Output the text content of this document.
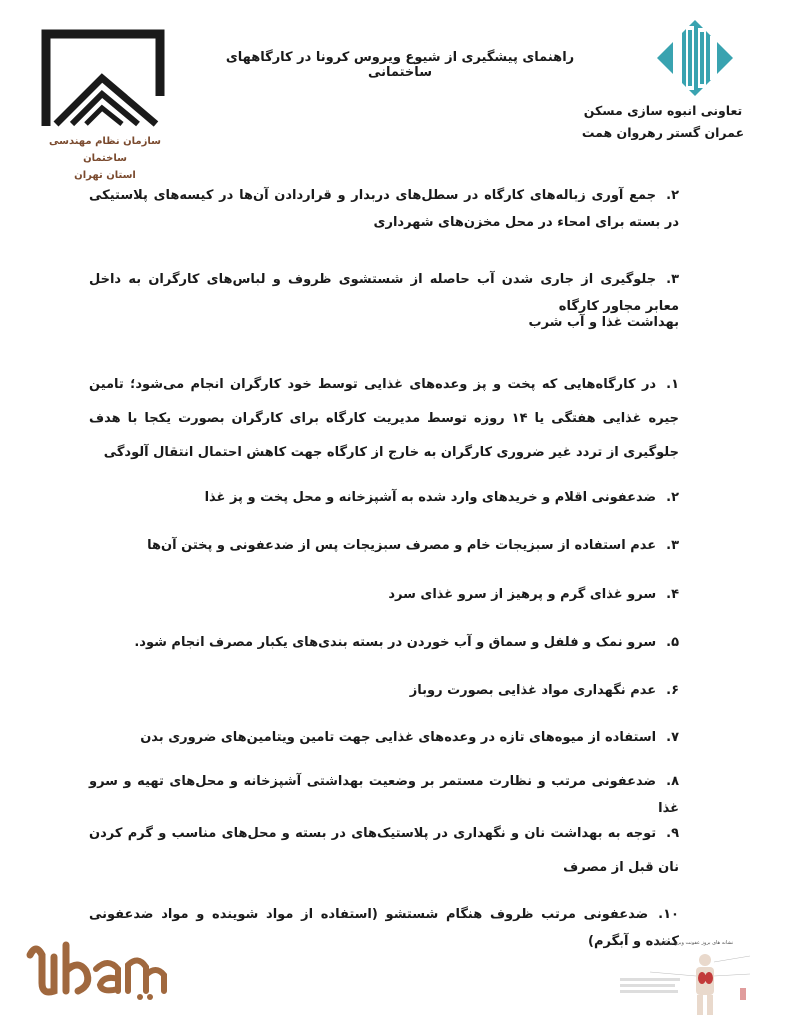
سازمان نظام مهندسی ساختمان
استان تهران
راهنمای پیشگیری از شیوع ویروس کرونا در کارگاههای ساختمانی
تعاونی انبوه سازی مسکن
عمران گستر رهروان همت
۲.جمع آوری زباله‌های کارگاه در سطل‌های دربدار و قراردادن آن‌ها در کیسه‌های پلاستیکی در بسته برای امحاء در محل مخزن‌های شهرداری
۳.جلوگیری از جاری شدن آب حاصله از شستشوی ظروف و لباس‌های کارگران به داخل معابر مجاور کارگاه
بهداشت غذا و آب شرب
۱.در کارگاه‌هایی که پخت و پز وعده‌های غذایی توسط خود کارگران انجام می‌شود؛ تامین جیره غذایی هفتگی یا ۱۴ روزه توسط مدیریت کارگاه برای کارگران بصورت یکجا با هدف جلوگیری از تردد غیر ضروری کارگران به خارج از کارگاه جهت کاهش احتمال انتقال آلودگی
۲.ضدعفونی اقلام و خریدهای وارد شده به آشپزخانه و محل پخت و پز غذا
۳.عدم استفاده از سبزیجات خام و مصرف سبزیجات پس از ضدعفونی و پختن آن‌ها
۴.سرو غذای گرم و پرهیز از سرو غذای سرد
۵.سرو نمک و فلفل و سماق و آب خوردن در بسته بندی‌های یکبار مصرف انجام شود.
۶.عدم نگهداری مواد غذایی بصورت روباز
۷.استفاده از میوه‌های تازه در وعده‌های غذایی جهت تامین ویتامین‌های ضروری بدن
۸.ضدعفونی مرتب و نظارت مستمر بر وضعیت بهداشتی آشپزخانه و محل‌های تهیه و سرو غذا
۹.توجه به بهداشت نان و نگهداری در پلاستیک‌های در بسته و محل‌های مناسب و گرم کردن نان قبل از مصرف
۱۰.ضدعفونی مرتب ظروف هنگام شستشو (استفاده از مواد شوینده و مواد ضدعفونی کننده و آبگرم)
نشانه های بروز عفونت ویروس کرونا
